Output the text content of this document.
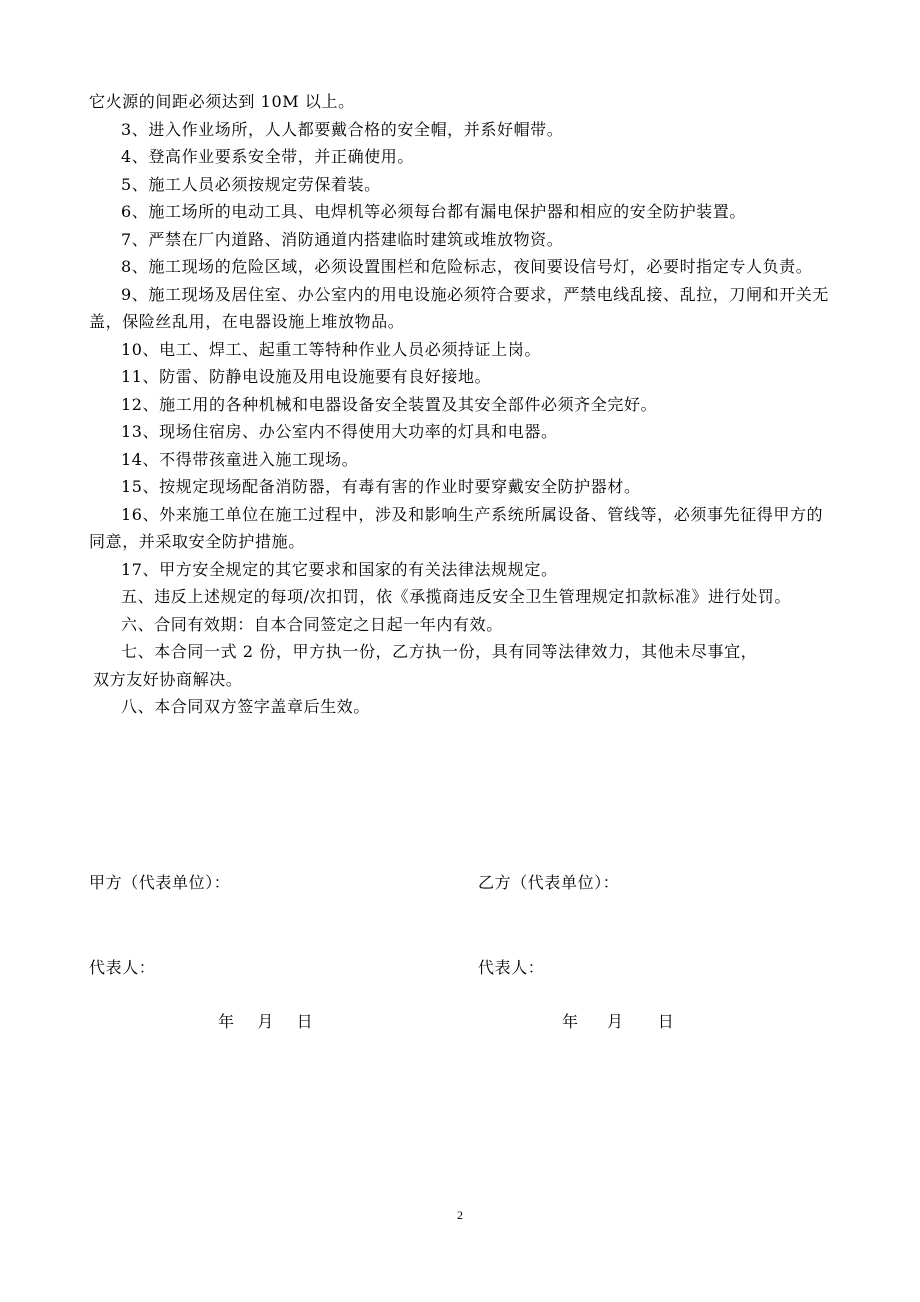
它火源的间距必须达到 10M 以上。

3、进入作业场所，人人都要戴合格的安全帽，并系好帽带。

4、登高作业要系安全带，并正确使用。

5、施工人员必须按规定劳保着装。

6、施工场所的电动工具、电焊机等必须每台都有漏电保护器和相应的安全防护装置。

7、严禁在厂内道路、消防通道内搭建临时建筑或堆放物资。

8、施工现场的危险区域，必须设置围栏和危险标志，夜间要设信号灯，必要时指定专人负责。

9、施工现场及居住室、办公室内的用电设施必须符合要求，严禁电线乱接、乱拉，刀闸和开关无盖，保险丝乱用，在电器设施上堆放物品。

10、电工、焊工、起重工等特种作业人员必须持证上岗。

11、防雷、防静电设施及用电设施要有良好接地。

12、施工用的各种机械和电器设备安全装置及其安全部件必须齐全完好。

13、现场住宿房、办公室内不得使用大功率的灯具和电器。

14、不得带孩童进入施工现场。

15、按规定现场配备消防器，有毒有害的作业时要穿戴安全防护器材。

16、外来施工单位在施工过程中，涉及和影响生产系统所属设备、管线等，必须事先征得甲方的同意，并采取安全防护措施。

17、甲方安全规定的其它要求和国家的有关法律法规规定。

五、违反上述规定的每项/次扣罚，依《承揽商违反安全卫生管理规定扣款标准》进行处罚。

六、合同有效期：自本合同签定之日起一年内有效。

七、本合同一式 2 份，甲方执一份，乙方执一份，具有同等法律效力，其他未尽事宜，

双方友好协商解决。

八、本合同双方签字盖章后生效。

甲方（代表单位）：	乙方（代表单位）：
代表人：	代表人：
年    月    日	年     月      日
2
